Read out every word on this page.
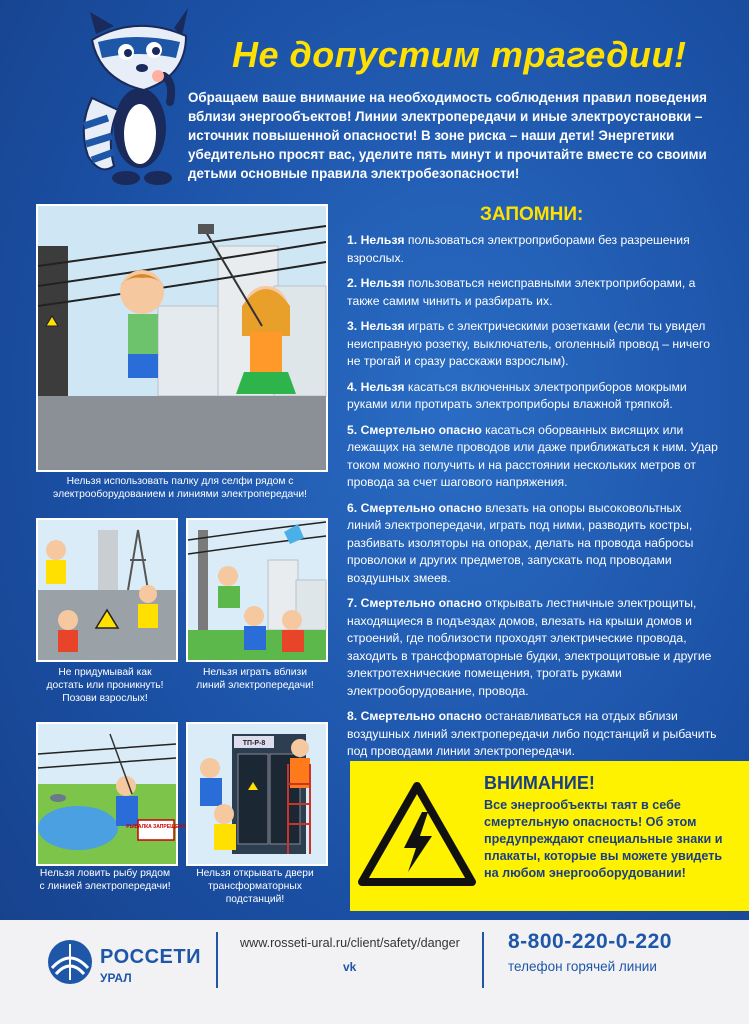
Не допустим трагедии!

Обращаем ваше внимание на необходимость соблюдения правил поведения вблизи энергообъектов! Линии электропередачи и иные электроустановки – источник повышенной опасности! В зоне риска – наши дети! Энергетики убедительно просят вас, уделите пять минут и прочитайте вместе со своими детьми основные правила электробезопасности!

Нельзя использовать палку для селфи рядом с электрооборудованием и линиями электропередачи!
Не придумывай как достать или проникнуть! Позови взрослых!
Нельзя играть вблизи линий электропередачи!
РЫБАЛКА ЗАПРЕЩЕНА
Нельзя ловить рыбу рядом с линией электропередачи!
ТП-Р-8
Нельзя открывать двери трансформаторных подстанций!
ЗАПОМНИ:

1. Нельзя пользоваться электроприборами без разрешения взрослых.

2. Нельзя пользоваться неисправными электроприборами, а также самим чинить и разбирать их.

3. Нельзя играть с электрическими розетками (если ты увидел неисправную розетку, выключатель, оголенный провод – ничего не трогай и сразу расскажи взрослым).

4. Нельзя касаться включенных электроприборов мокрыми руками или протирать электроприборы влажной тряпкой.

5. Смертельно опасно касаться оборванных висящих или лежащих на земле проводов или даже приближаться к ним. Удар током можно получить и на расстоянии нескольких метров от провода за счет шагового напряжения.

6. Смертельно опасно влезать на опоры высоковольтных линий электропередачи, играть под ними, разводить костры, разбивать изоляторы на опорах, делать на провода набросы проволоки и других предметов, запускать под проводами воздушных змеев.

7. Смертельно опасно открывать лестничные электрощиты, находящиеся в подъездах домов, влезать на крыши домов и строений, где поблизости проходят электрические провода, заходить в трансформаторные будки, электрощитовые и другие электротехнические помещения, трогать руками электрооборудование, провода.

8. Смертельно опасно останавливаться на отдых вблизи воздушных линий электропередачи либо подстанций и рыбачить под проводами линии электропередачи.

ВНИМАНИЕ!
Все энергообъекты таят в себе смертельную опасность! Об этом предупреждают специальные знаки и плакаты, которые вы можете увидеть на любом энергооборудовании!
РОССЕТИ
УРАЛ
www.rosseti-ural.ru/client/safety/danger
vk
8-800-220-0-220
телефон горячей линии
